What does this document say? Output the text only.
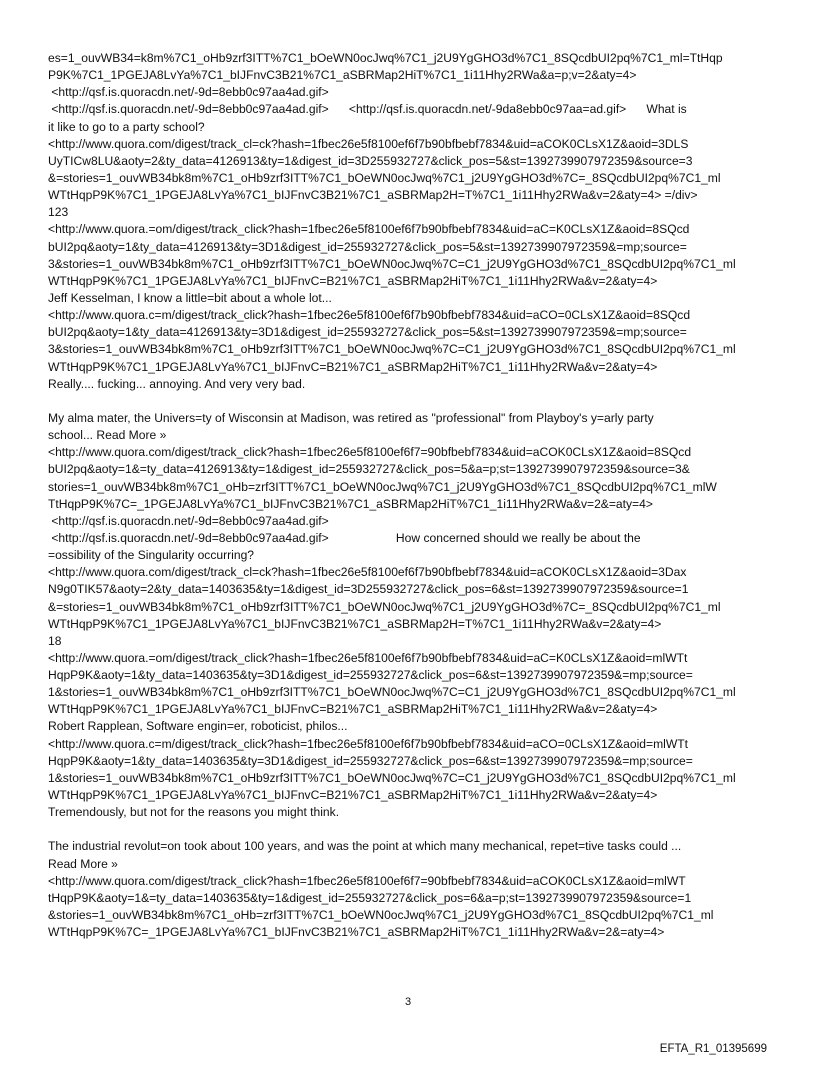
es=1_ouvWB34=k8m%7C1_oHb9zrf3ITT%7C1_bOeWN0ocJwq%7C1_j2U9YgGHO3d%7C1_8SQcdbUI2pq%7C1_ml=TtHqp
P9K%7C1_1PGEJA8LvYa%7C1_bIJFnvC3B21%7C1_aSBRMap2HiT%7C1_1i11Hhy2RWa&a=p;v=2&aty=4>
<http://qsf.is.quoracdn.net/-9d=8ebb0c97aa4ad.gif>
<http://qsf.is.quoracdn.net/-9d=8ebb0c97aa4ad.gif>      <http://qsf.is.quoracdn.net/-9da8ebb0c97aa=ad.gif>      What is
it like to go to a party school?
<http://www.quora.com/digest/track_cl=ck?hash=1fbec26e5f8100ef6f7b90bfbebf7834&uid=aCOK0CLsX1Z&aoid=3DLS
UyTICw8LU&aoty=2&ty_data=4126913&ty=1&digest_id=3D255932727&click_pos=5&st=1392739907972359&source=3
&=stories=1_ouvWB34bk8m%7C1_oHb9zrf3ITT%7C1_bOeWN0ocJwq%7C1_j2U9YgGHO3d%7C=_8SQcdbUI2pq%7C1_ml
WTtHqpP9K%7C1_1PGEJA8LvYa%7C1_bIJFnvC3B21%7C1_aSBRMap2H=T%7C1_1i11Hhy2RWa&v=2&aty=4> =/div>
123
<http://www.quora.=om/digest/track_click?hash=1fbec26e5f8100ef6f7b90bfbebf7834&uid=aC=K0CLsX1Z&aoid=8SQcd
bUI2pq&aoty=1&ty_data=4126913&ty=3D1&digest_id=255932727&click_pos=5&st=1392739907972359&=mp;source=
3&stories=1_ouvWB34bk8m%7C1_oHb9zrf3ITT%7C1_bOeWN0ocJwq%7C=C1_j2U9YgGHO3d%7C1_8SQcdbUI2pq%7C1_ml
WTtHqpP9K%7C1_1PGEJA8LvYa%7C1_bIJFnvC=B21%7C1_aSBRMap2HiT%7C1_1i11Hhy2RWa&v=2&aty=4>
Jeff Kesselman, I know a little=bit about a whole lot...
<http://www.quora.c=m/digest/track_click?hash=1fbec26e5f8100ef6f7b90bfbebf7834&uid=aCO=0CLsX1Z&aoid=8SQcd
bUI2pq&aoty=1&ty_data=4126913&ty=3D1&digest_id=255932727&click_pos=5&st=1392739907972359&=mp;source=
3&stories=1_ouvWB34bk8m%7C1_oHb9zrf3ITT%7C1_bOeWN0ocJwq%7C=C1_j2U9YgGHO3d%7C1_8SQcdbUI2pq%7C1_ml
WTtHqpP9K%7C1_1PGEJA8LvYa%7C1_bIJFnvC=B21%7C1_aSBRMap2HiT%7C1_1i11Hhy2RWa&v=2&aty=4>
Really.... fucking... annoying. And very very bad.

My alma mater, the Univers=ty of Wisconsin at Madison, was retired as "professional" from Playboy's y=arly party
school... Read More »
<http://www.quora.com/digest/track_click?hash=1fbec26e5f8100ef6f7=90bfbebf7834&uid=aCOK0CLsX1Z&aoid=8SQcd
bUI2pq&aoty=1&=ty_data=4126913&ty=1&digest_id=255932727&click_pos=5&a=p;st=1392739907972359&source=3&
stories=1_ouvWB34bk8m%7C1_oHb=zrf3ITT%7C1_bOeWN0ocJwq%7C1_j2U9YgGHO3d%7C1_8SQcdbUI2pq%7C1_mlW
TtHqpP9K%7C=_1PGEJA8LvYa%7C1_bIJFnvC3B21%7C1_aSBRMap2HiT%7C1_1i11Hhy2RWa&v=2&=aty=4>
<http://qsf.is.quoracdn.net/-9d=8ebb0c97aa4ad.gif>
<http://qsf.is.quoracdn.net/-9d=8ebb0c97aa4ad.gif>                    How concerned should we really be about the
=ossibility of the Singularity occurring?
<http://www.quora.com/digest/track_cl=ck?hash=1fbec26e5f8100ef6f7b90bfbebf7834&uid=aCOK0CLsX1Z&aoid=3Dax
N9g0TIK57&aoty=2&ty_data=1403635&ty=1&digest_id=3D255932727&click_pos=6&st=1392739907972359&source=1
&=stories=1_ouvWB34bk8m%7C1_oHb9zrf3ITT%7C1_bOeWN0ocJwq%7C1_j2U9YgGHO3d%7C=_8SQcdbUI2pq%7C1_ml
WTtHqpP9K%7C1_1PGEJA8LvYa%7C1_bIJFnvC3B21%7C1_aSBRMap2H=T%7C1_1i11Hhy2RWa&v=2&aty=4>
18
<http://www.quora.=om/digest/track_click?hash=1fbec26e5f8100ef6f7b90bfbebf7834&uid=aC=K0CLsX1Z&aoid=mlWTt
HqpP9K&aoty=1&ty_data=1403635&ty=3D1&digest_id=255932727&click_pos=6&st=1392739907972359&=mp;source=
1&stories=1_ouvWB34bk8m%7C1_oHb9zrf3ITT%7C1_bOeWN0ocJwq%7C=C1_j2U9YgGHO3d%7C1_8SQcdbUI2pq%7C1_ml
WTtHqpP9K%7C1_1PGEJA8LvYa%7C1_bIJFnvC=B21%7C1_aSBRMap2HiT%7C1_1i11Hhy2RWa&v=2&aty=4>
Robert Rapplean, Software engin=er, roboticist, philos...
<http://www.quora.c=m/digest/track_click?hash=1fbec26e5f8100ef6f7b90bfbebf7834&uid=aCO=0CLsX1Z&aoid=mlWTt
HqpP9K&aoty=1&ty_data=1403635&ty=3D1&digest_id=255932727&click_pos=6&st=1392739907972359&=mp;source=
1&stories=1_ouvWB34bk8m%7C1_oHb9zrf3ITT%7C1_bOeWN0ocJwq%7C=C1_j2U9YgGHO3d%7C1_8SQcdbUI2pq%7C1_ml
WTtHqpP9K%7C1_1PGEJA8LvYa%7C1_bIJFnvC=B21%7C1_aSBRMap2HiT%7C1_1i11Hhy2RWa&v=2&aty=4>
Tremendously, but not for the reasons you might think.

The industrial revolut=on took about 100 years, and was the point at which many mechanical, repet=tive tasks could ...
Read More »
<http://www.quora.com/digest/track_click?hash=1fbec26e5f8100ef6f7=90bfbebf7834&uid=aCOK0CLsX1Z&aoid=mlWT
tHqpP9K&aoty=1&=ty_data=1403635&ty=1&digest_id=255932727&click_pos=6&a=p;st=1392739907972359&source=1
&stories=1_ouvWB34bk8m%7C1_oHb=zrf3ITT%7C1_bOeWN0ocJwq%7C1_j2U9YgGHO3d%7C1_8SQcdbUI2pq%7C1_ml
WTtHqpP9K%7C=_1PGEJA8LvYa%7C1_bIJFnvC3B21%7C1_aSBRMap2HiT%7C1_1i11Hhy2RWa&v=2&=aty=4>
3
EFTA_R1_01395699
